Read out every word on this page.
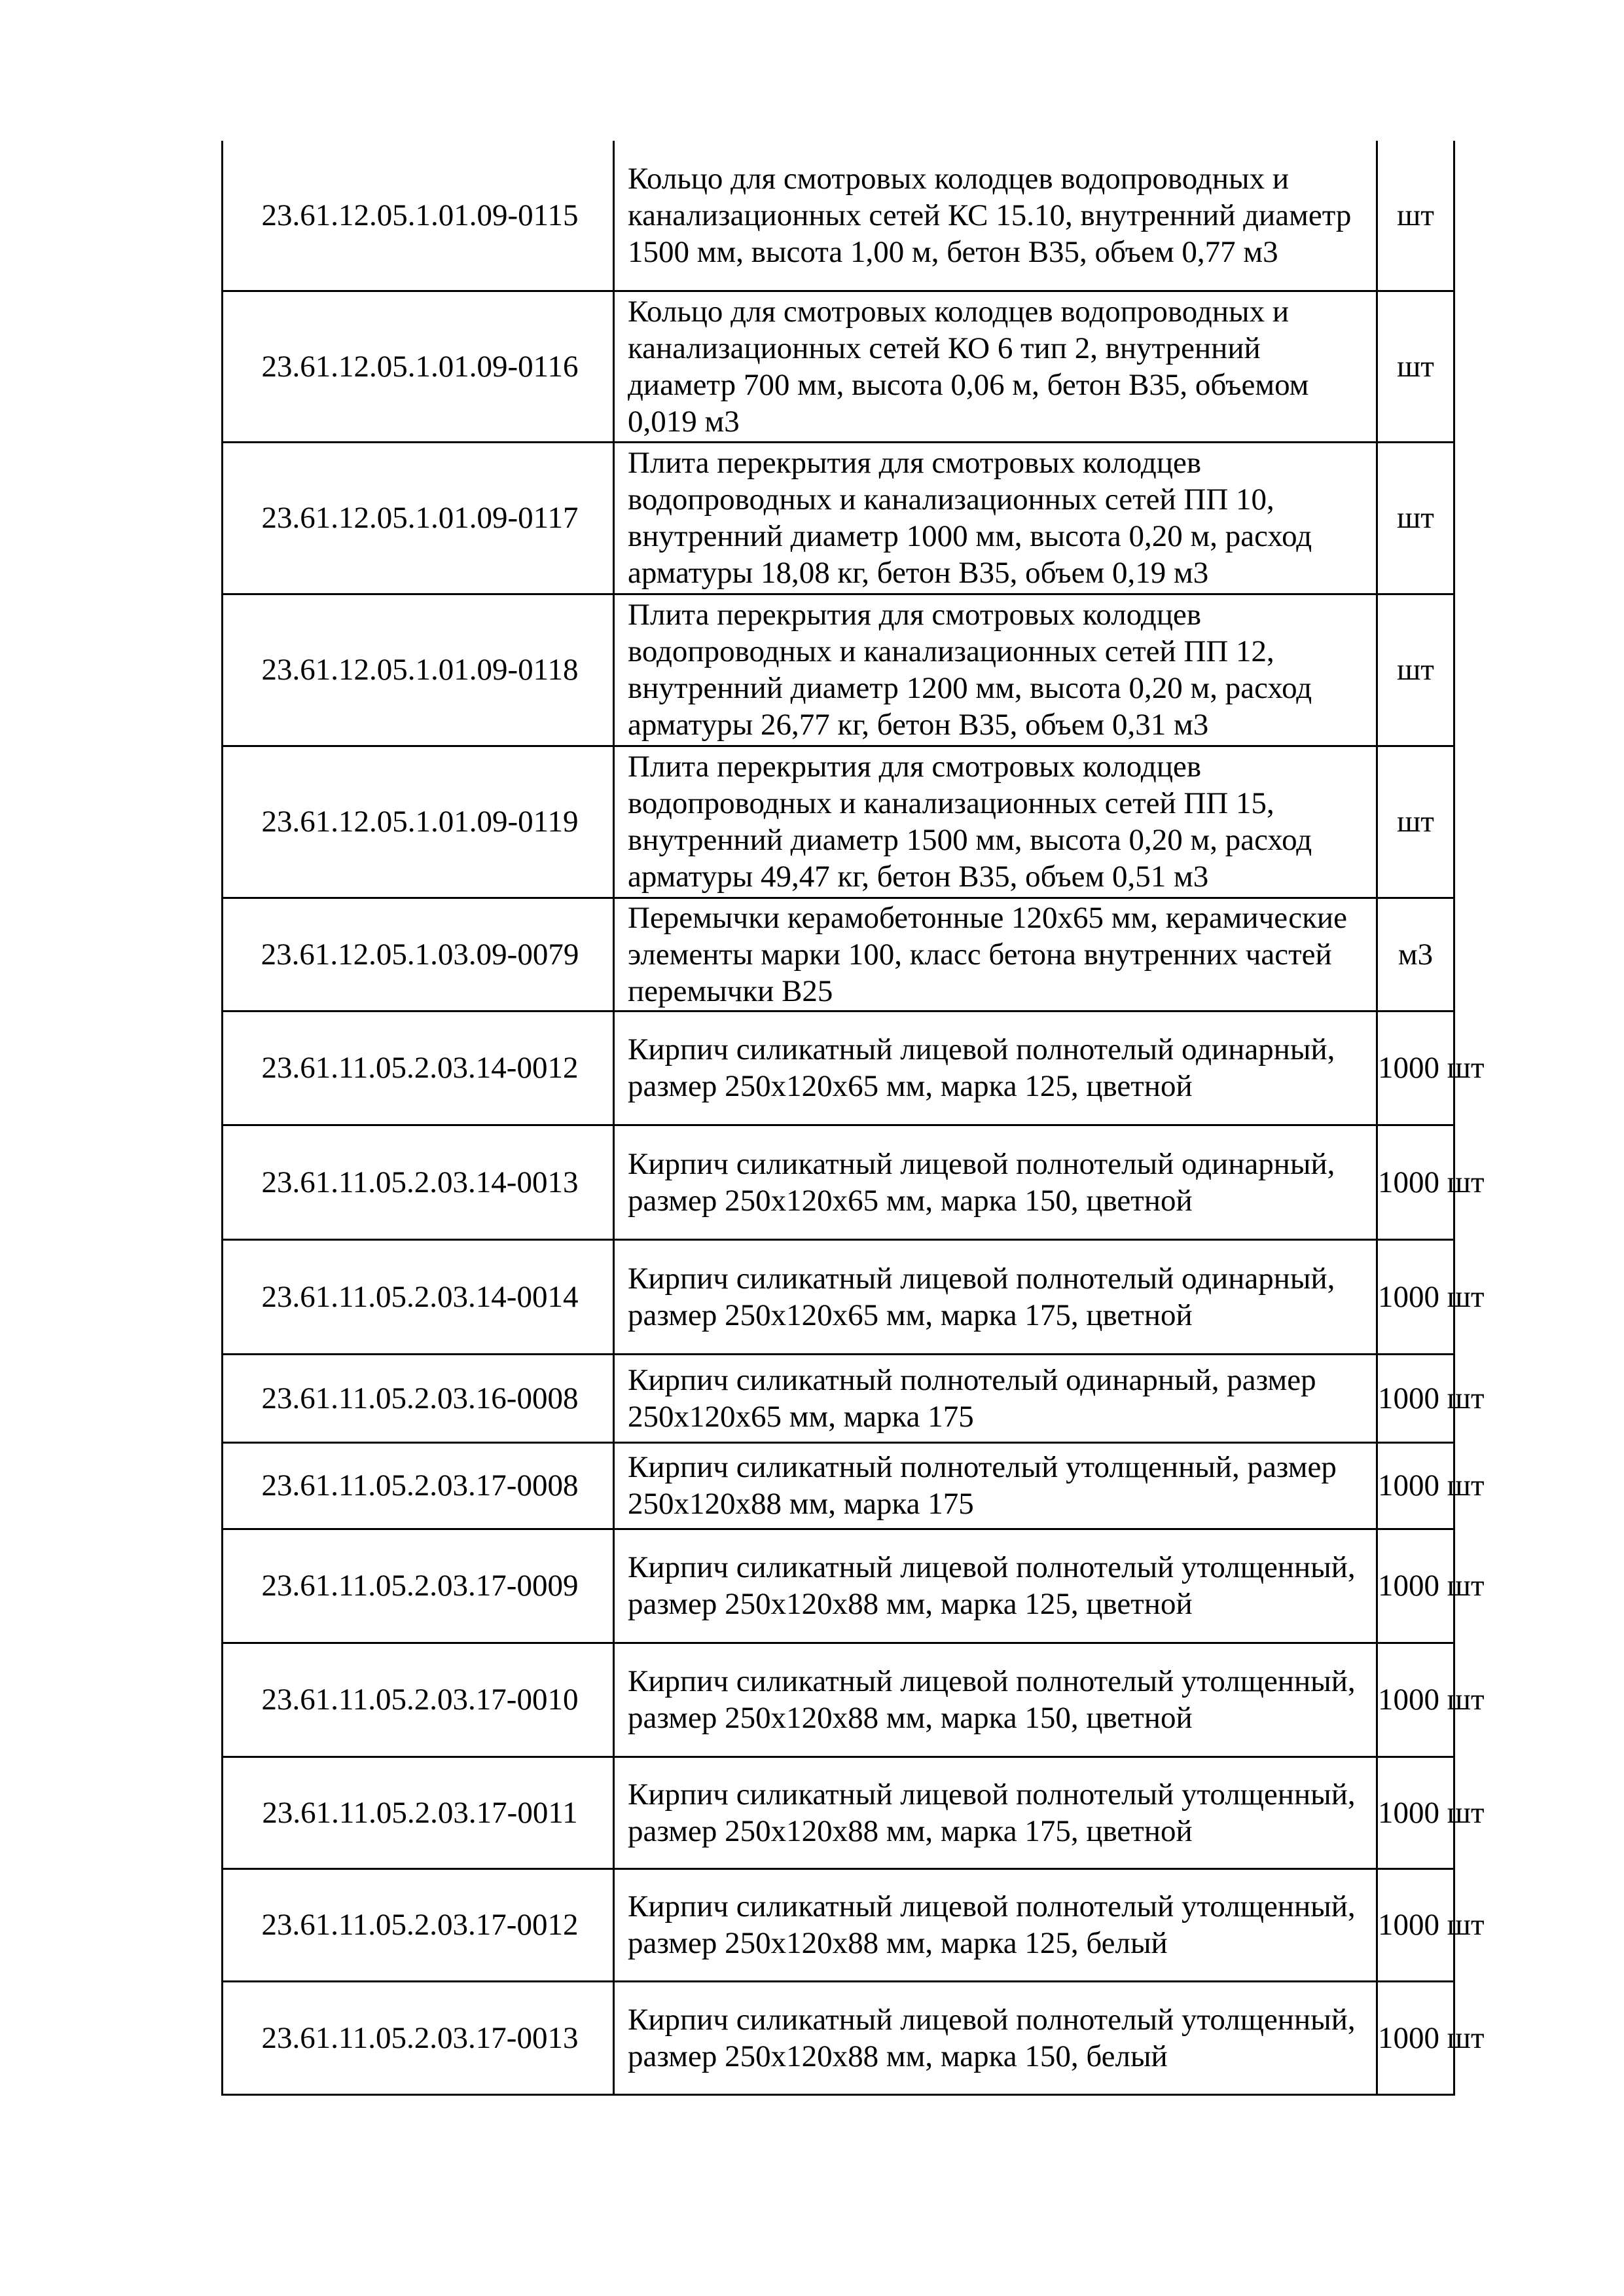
23.61.12.05.1.01.09-0115	Кольцо для смотровых колодцев водопроводных и канализационных сетей КС 15.10, внутренний диаметр 1500 мм, высота 1,00 м, бетон В35, объем 0,77 м3	шт
23.61.12.05.1.01.09-0116	Кольцо для смотровых колодцев водопроводных и канализационных сетей КО 6 тип 2, внутренний диаметр 700 мм, высота 0,06 м, бетон В35, объемом 0,019 м3	шт
23.61.12.05.1.01.09-0117	Плита перекрытия для смотровых колодцев водопроводных и канализационных сетей ПП 10, внутренний диаметр 1000 мм, высота 0,20 м, расход арматуры 18,08 кг, бетон В35, объем 0,19 м3	шт
23.61.12.05.1.01.09-0118	Плита перекрытия для смотровых колодцев водопроводных и канализационных сетей ПП 12, внутренний диаметр 1200 мм, высота 0,20 м, расход арматуры 26,77 кг, бетон В35, объем 0,31 м3	шт
23.61.12.05.1.01.09-0119	Плита перекрытия для смотровых колодцев водопроводных и канализационных сетей ПП 15, внутренний диаметр 1500 мм, высота 0,20 м, расход арматуры 49,47 кг, бетон В35, объем 0,51 м3	шт
23.61.12.05.1.03.09-0079	Перемычки керамобетонные 120х65 мм, керамические элементы марки 100, класс бетона внутренних частей перемычки В25	м3
23.61.11.05.2.03.14-0012	Кирпич силикатный лицевой полнотелый одинарный, размер 250х120х65 мм, марка 125, цветной	1000 шт
23.61.11.05.2.03.14-0013	Кирпич силикатный лицевой полнотелый одинарный, размер 250х120х65 мм, марка 150, цветной	1000 шт
23.61.11.05.2.03.14-0014	Кирпич силикатный лицевой полнотелый одинарный, размер 250х120х65 мм, марка 175, цветной	1000 шт
23.61.11.05.2.03.16-0008	Кирпич силикатный полнотелый одинарный, размер 250х120х65 мм, марка 175	1000 шт
23.61.11.05.2.03.17-0008	Кирпич силикатный полнотелый утолщенный, размер 250х120х88 мм, марка 175	1000 шт
23.61.11.05.2.03.17-0009	Кирпич силикатный лицевой полнотелый утолщенный, размер 250х120х88 мм, марка 125, цветной	1000 шт
23.61.11.05.2.03.17-0010	Кирпич силикатный лицевой полнотелый утолщенный, размер 250х120х88 мм, марка 150, цветной	1000 шт
23.61.11.05.2.03.17-0011	Кирпич силикатный лицевой полнотелый утолщенный, размер 250х120х88 мм, марка 175, цветной	1000 шт
23.61.11.05.2.03.17-0012	Кирпич силикатный лицевой полнотелый утолщенный, размер 250х120х88 мм, марка 125, белый	1000 шт
23.61.11.05.2.03.17-0013	Кирпич силикатный лицевой полнотелый утолщенный, размер 250х120х88 мм, марка 150, белый	1000 шт
